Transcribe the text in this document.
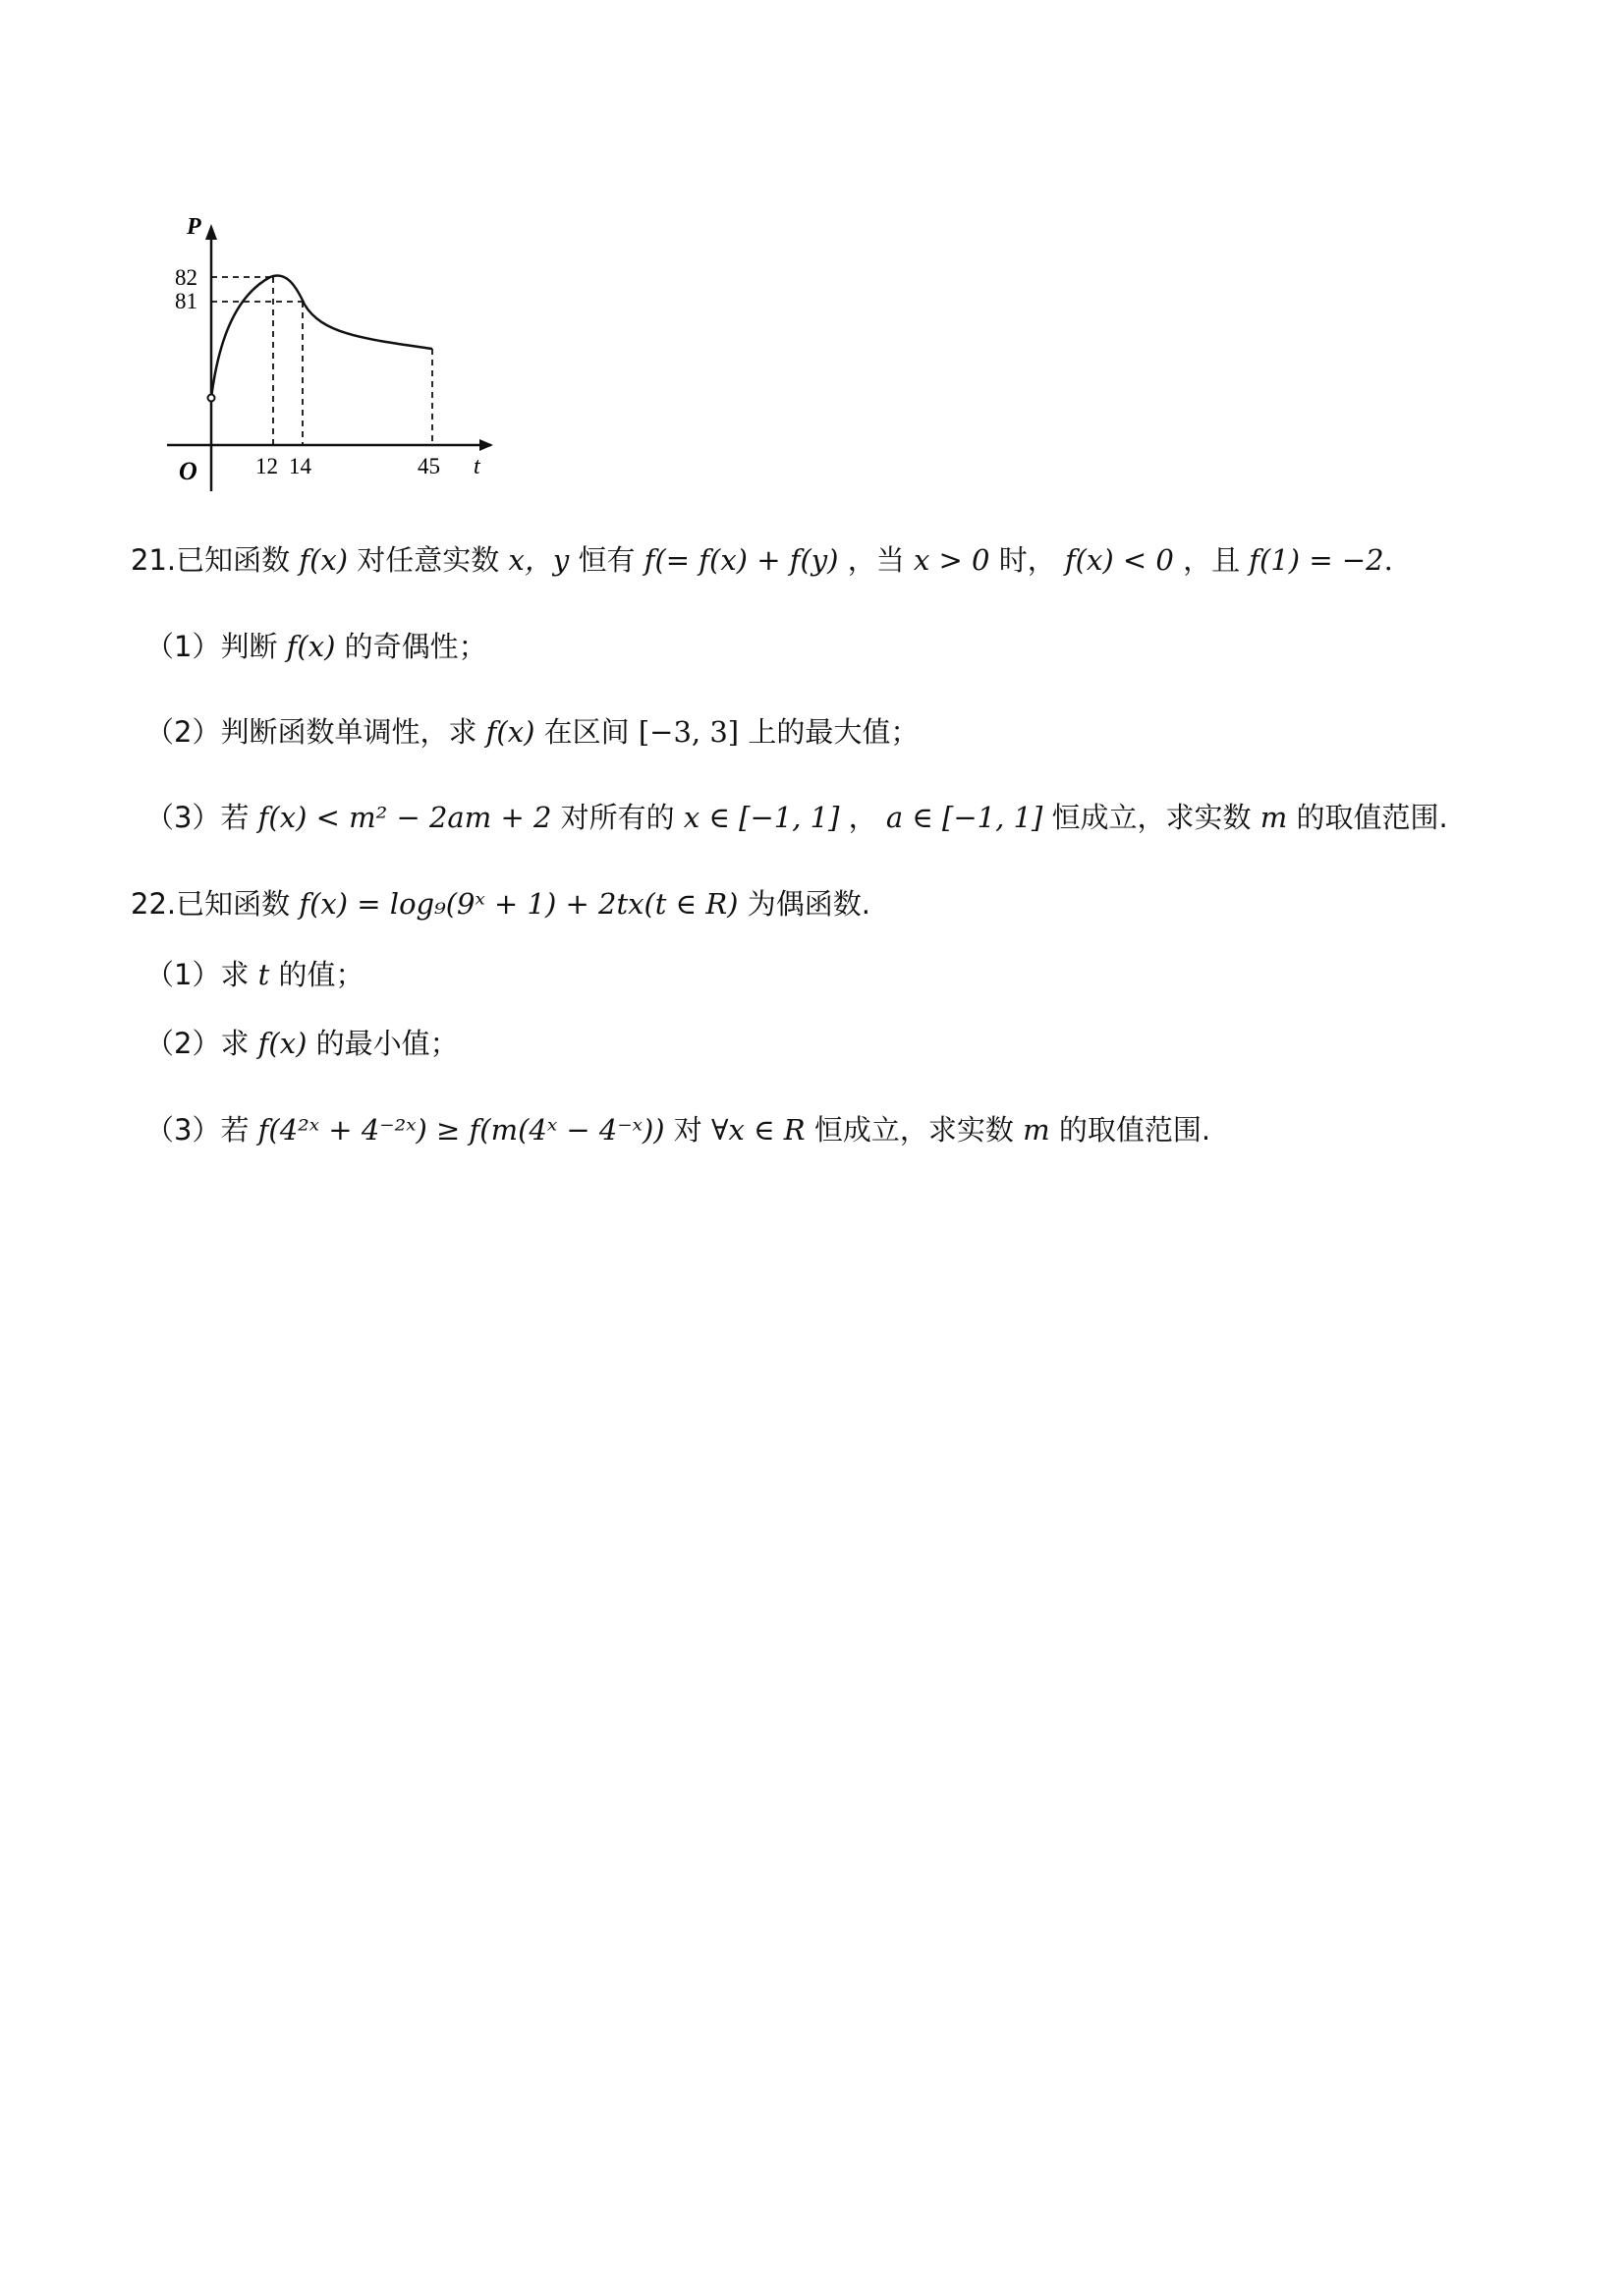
P
t
O
82
81
12 14	45
21.已知函数 f(x) 对任意实数 x，y 恒有 f(= f(x) + f(y) ，当 x > 0 时， f(x) < 0 ，且 f(1) = −2.
（1）判断 f(x) 的奇偶性；
（2）判断函数单调性，求 f(x) 在区间 [−3, 3] 上的最大值；
（3）若 f(x) < m² − 2am + 2 对所有的 x ∈ [−1, 1] ， a ∈ [−1, 1] 恒成立，求实数 m 的取值范围.
22.已知函数 f(x) = log₉(9ˣ + 1) + 2tx(t ∈ R) 为偶函数.
（1）求 t 的值；
（2）求 f(x) 的最小值；
（3）若 f(4²ˣ + 4⁻²ˣ) ≥ f(m(4ˣ − 4⁻ˣ)) 对 ∀x ∈ R 恒成立，求实数 m 的取值范围.
